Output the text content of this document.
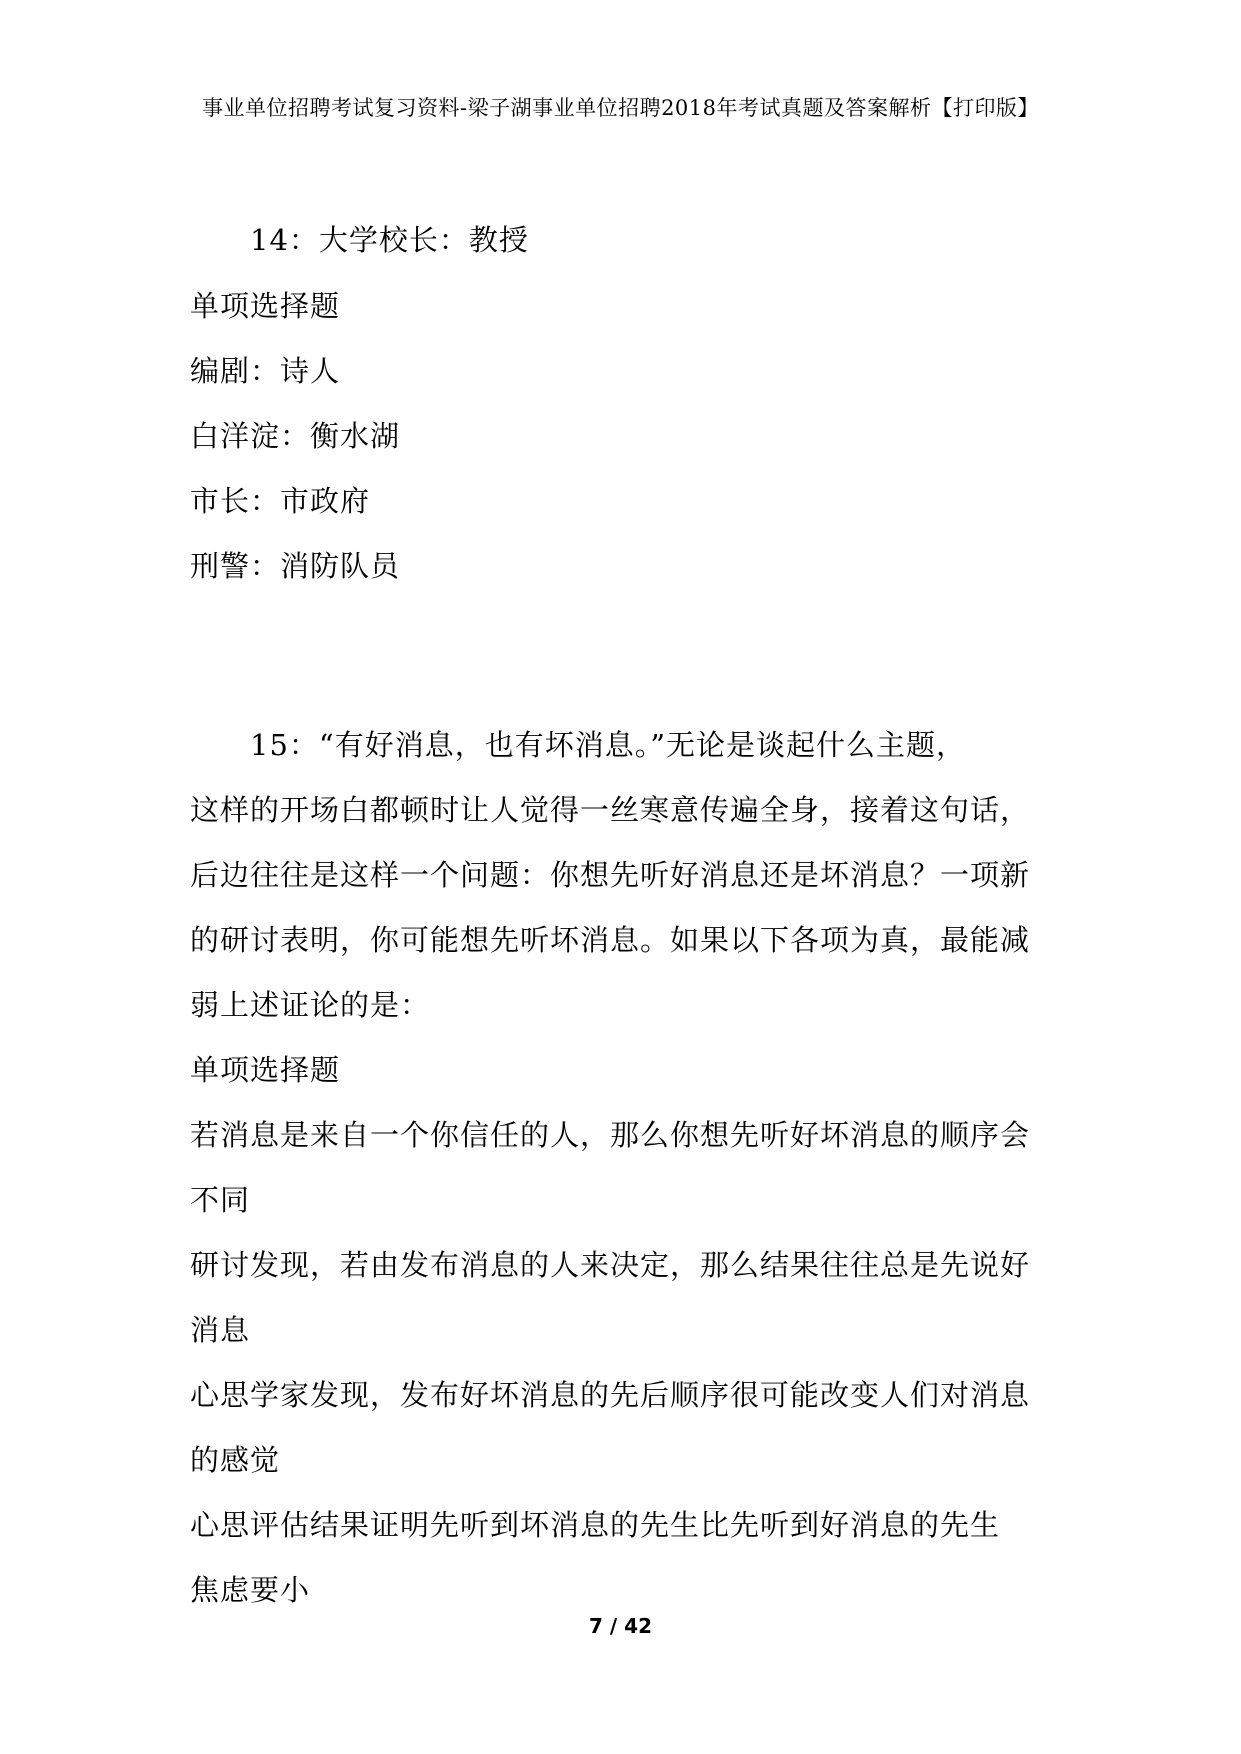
事业单位招聘考试复习资料-梁子湖事业单位招聘2018年考试真题及答案解析【打印版】
14：大学校长：教授
单项选择题
编剧：诗人
白洋淀：衡水湖
市长：市政府
刑警：消防队员
15：“有好消息，也有坏消息。”无论是谈起什么主题，
这样的开场白都顿时让人觉得一丝寒意传遍全身，接着这句话，
后边往往是这样一个问题：你想先听好消息还是坏消息？一项新
的研讨表明，你可能想先听坏消息。如果以下各项为真，最能减
弱上述证论的是：
单项选择题
若消息是来自一个你信任的人，那么你想先听好坏消息的顺序会
不同
研讨发现，若由发布消息的人来决定，那么结果往往总是先说好
消息
心思学家发现，发布好坏消息的先后顺序很可能改变人们对消息
的感觉
心思评估结果证明先听到坏消息的先生比先听到好消息的先生
焦虑要小
7 / 42
